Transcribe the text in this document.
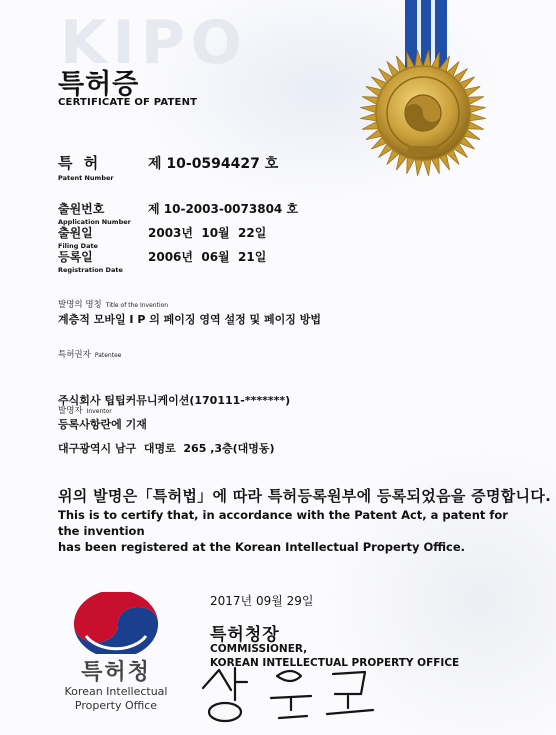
KIPO
특허증
CERTIFICATE OF PATENT
특 허
Patent Number
제 10-0594427 호
출원번호
Application Number
제 10-2003-0073804 호
출원일
Filing Date
2003년  10월  22일
등록일
Registration Date
2006년  06월  21일
발명의 명칭 Title of the Invention
계층적 모바일 I P 의 페이징 영역 설정 및 페이징 방법
특허권자 Patentee

주식회사 팁팁커뮤니케이션(170111-*******)

대구광역시 남구  대명로  265 ,3층(대명동)

발명자 Inventor
등록사항란에 기재
위의 발명은「특허법」에 따라 특허등록원부에 등록되었음을 증명합니다.
This is to certify that, in accordance with the Patent Act, a patent for the invention
has been registered at the Korean Intellectual Property Office.
특허청
Korean Intellectual
Property Office
2017년 09월 29일
특허청장
COMMISSIONER,
KOREAN INTELLECTUAL PROPERTY OFFICE
